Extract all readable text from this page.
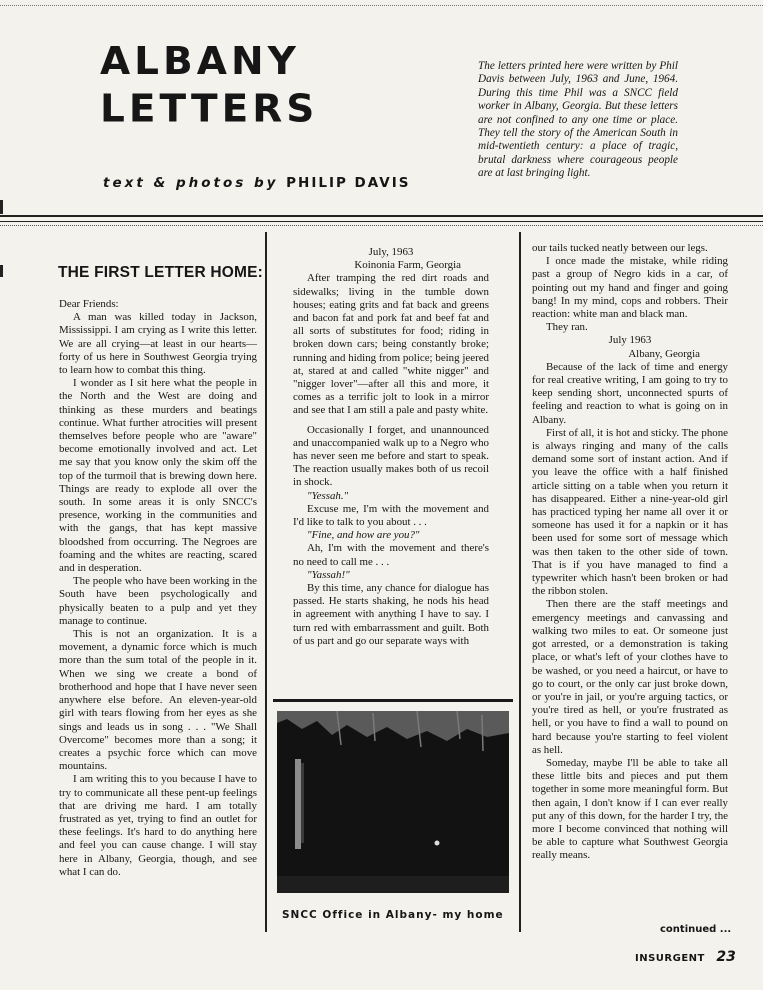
ALBANY
LETTERS
text & photos by PHILIP DAVIS

The letters printed here were written by Phil Davis between July, 1963 and June, 1964. During this time Phil was a SNCC field worker in Albany, Georgia. But these letters are not confined to any one time or place. They tell the story of the American South in mid-twentieth century: a place of tragic, brutal darkness where courageous people are at last bringing light.

THE FIRST LETTER HOME:

Dear Friends:

A man was killed today in Jackson, Mississippi. I am crying as I write this letter. We are all crying—at least in our hearts—forty of us here in Southwest Georgia trying to learn how to combat this thing.

I wonder as I sit here what the people in the North and the West are doing and thinking as these murders and beatings continue. What further atrocities will present themselves before people who are "aware" become emotionally involved and act. Let me say that you know only the skim off the top of the turmoil that is brewing down here. Things are ready to explode all over the south. In some areas it is only SNCC's presence, working in the communities and with the gangs, that has kept massive bloodshed from occurring. The Negroes are foaming and the whites are reacting, scared and in desperation.

The people who have been working in the South have been psychologically and physically beaten to a pulp and yet they manage to continue.

This is not an organization. It is a movement, a dynamic force which is much more than the sum total of the people in it. When we sing we create a bond of brotherhood and hope that I have never seen anywhere else before. An eleven-year-old girl with tears flowing from her eyes as she sings and leads us in song . . . "We Shall Overcome" becomes more than a song; it creates a psychic force which can move mountains.

I am writing this to you because I have to try to communicate all these pent-up feelings that are driving me hard. I am totally frustrated as yet, trying to find an outlet for these feelings. It's hard to do anything here and feel you can cause change. I will stay here in Albany, Georgia, though, and see what I can do.

July, 1963

Koinonia Farm, Georgia

After tramping the red dirt roads and sidewalks; living in the tumble down houses; eating grits and fat back and greens and bacon fat and pork fat and beef fat and all sorts of substitutes for food; riding in broken down cars; being constantly broke; running and hiding from police; being jeered at, stared at and called "white nigger" and "nigger lover"—after all this and more, it comes as a terrific jolt to look in a mirror and see that I am still a pale and pasty white.

Occasionally I forget, and unannounced and unaccompanied walk up to a Negro who has never seen me before and start to speak. The reaction usually makes both of us recoil in shock.

"Yessah."

Excuse me, I'm with the movement and I'd like to talk to you about . . .

"Fine, and how are you?"

Ah, I'm with the movement and there's no need to call me . . .

"Yassah!"

By this time, any chance for dialogue has passed. He starts shaking, he nods his head in agreement with anything I have to say. I turn red with embarrassment and guilt. Both of us part and go our separate ways with

our tails tucked neatly between our legs.

I once made the mistake, while riding past a group of Negro kids in a car, of pointing out my hand and finger and going bang! In my mind, cops and robbers. Their reaction: white man and black man.

They ran.

July 1963

Albany, Georgia

Because of the lack of time and energy for real creative writing, I am going to try to keep sending short, unconnected spurts of feeling and reaction to what is going on in Albany.

First of all, it is hot and sticky. The phone is always ringing and many of the calls demand some sort of instant action. And if you leave the office with a half finished article sitting on a table when you return it has disappeared. Either a nine-year-old girl has practiced typing her name all over it or someone has used it for a napkin or it has been used for some sort of message which was then taken to the other side of town. That is if you have managed to find a typewriter which hasn't been broken or had the ribbon stolen.

Then there are the staff meetings and emergency meetings and canvassing and walking two miles to eat. Or someone just got arrested, or a demonstration is taking place, or what's left of your clothes have to be washed, or you need a haircut, or have to go to court, or the only car just broke down, or you're in jail, or you're arguing tactics, or you're tired as hell, or you're frustrated as hell, or you have to find a wall to pound on hard because you're starting to feel violent as hell.

Someday, maybe I'll be able to take all these little bits and pieces and put them together in some more meaningful form. But then again, I don't know if I can ever really put any of this down, for the harder I try, the more I become convinced that nothing will be able to capture what Southwest Georgia really means.

SNCC Office in Albany- my home

continued ...

INSURGENT 23
